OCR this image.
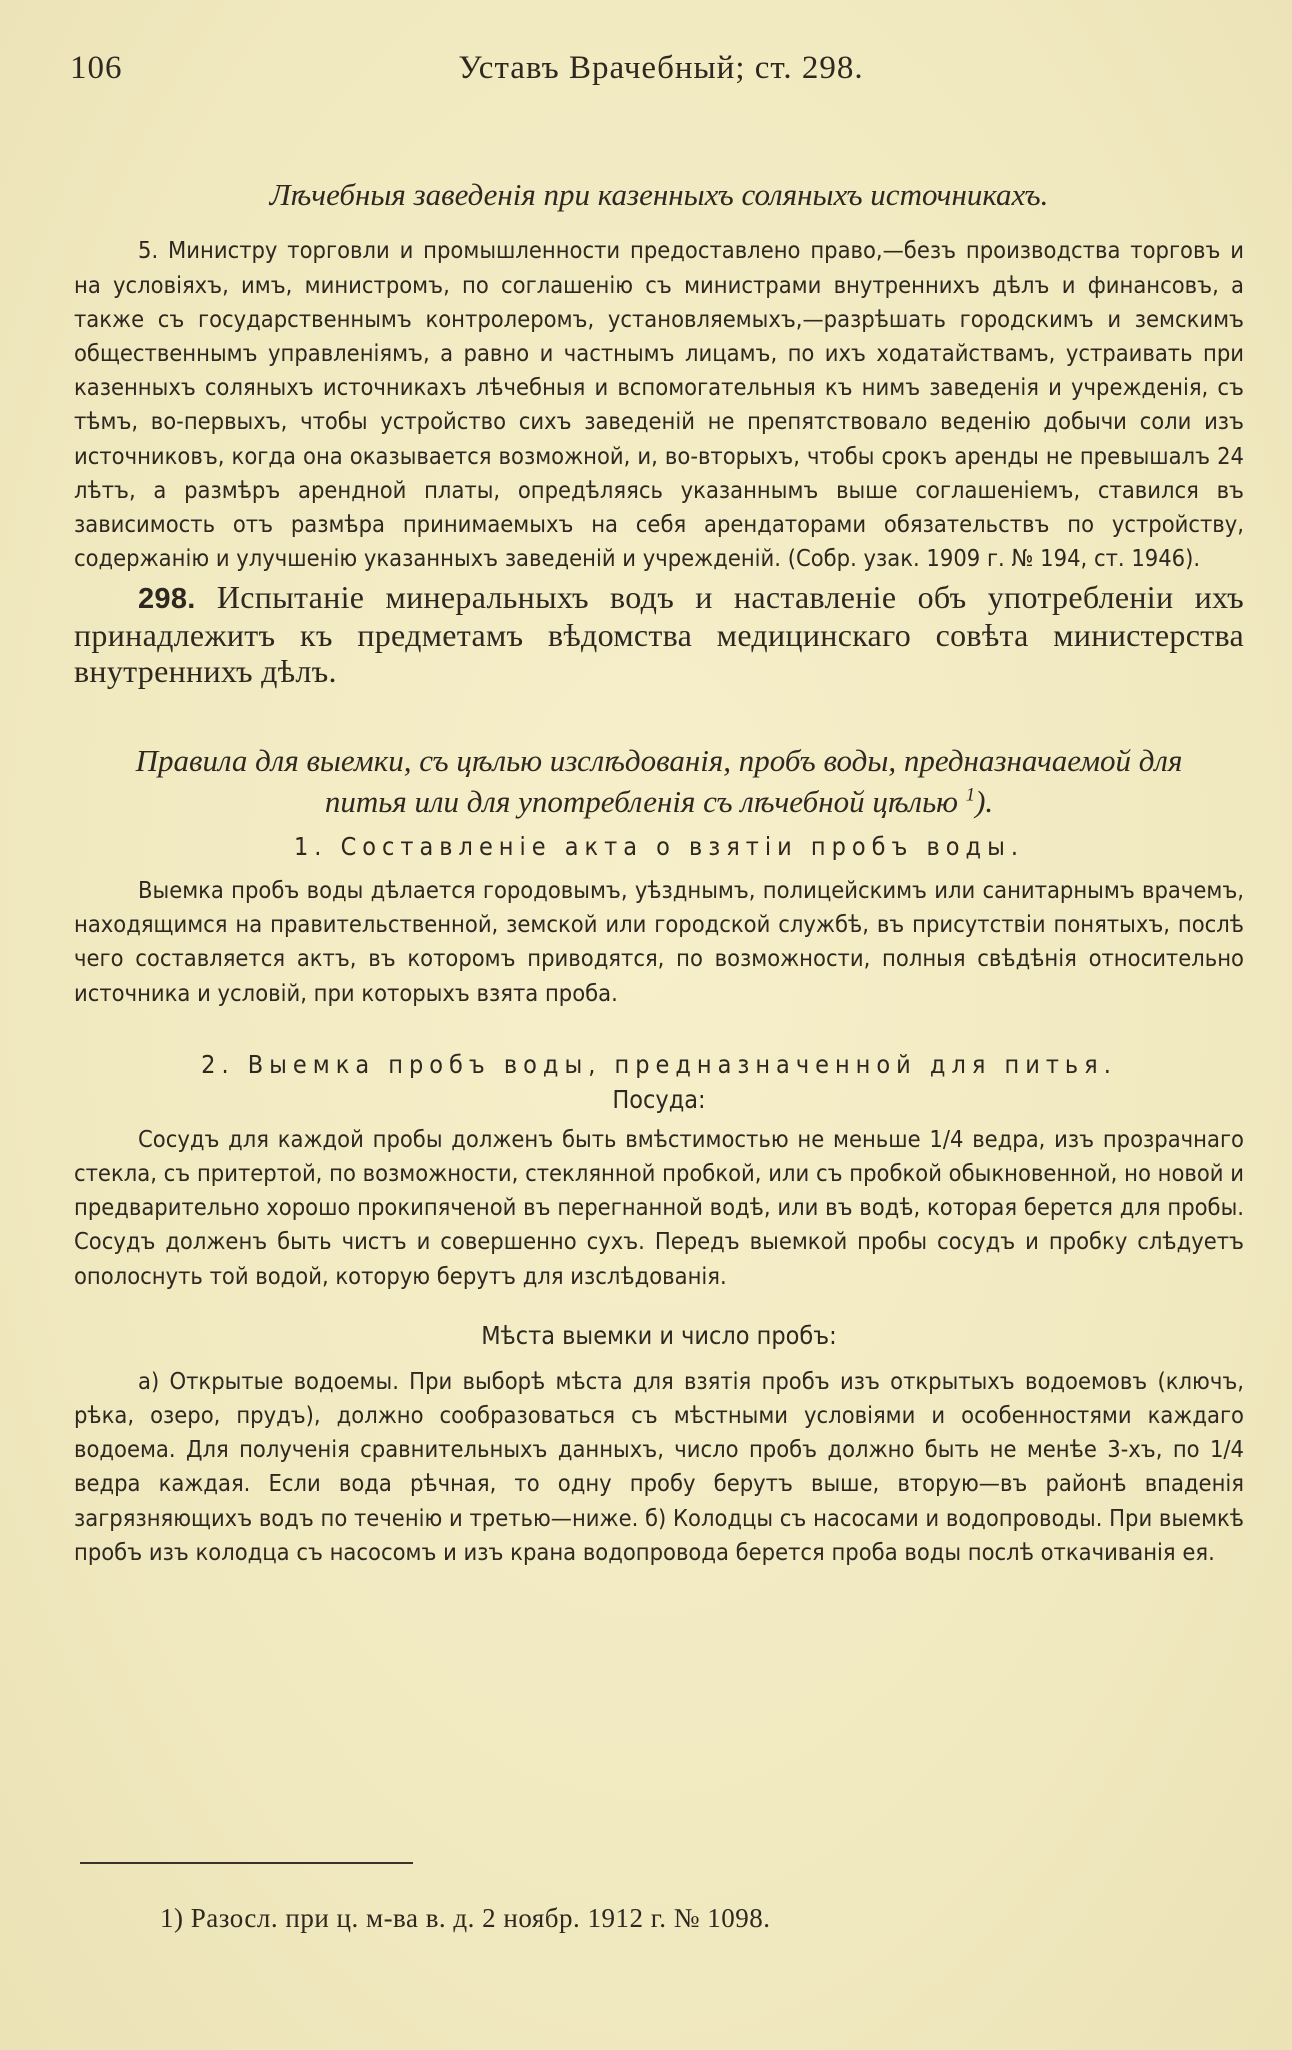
106	Уставъ Врачебный; ст. 298.
Лѣчебныя заведенія при казенныхъ соляныхъ источникахъ.

5. Министру торговли и промышленности предоставлено право,—безъ производства торговъ и на условіяхъ, имъ, министромъ, по соглашенію съ министрами внутреннихъ дѣлъ и финансовъ, а также съ государственнымъ контролеромъ, установляемыхъ,—разрѣшать городскимъ и земскимъ общественнымъ управленіямъ, а равно и частнымъ лицамъ, по ихъ ходатайствамъ, устраивать при казенныхъ соляныхъ источникахъ лѣчебныя и вспомогательныя къ нимъ заведенія и учрежденія, съ тѣмъ, во-первыхъ, чтобы устройство сихъ заведеній не препятствовало веденію добычи соли изъ источниковъ, когда она оказывается возможной, и, во-вторыхъ, чтобы срокъ аренды не превышалъ 24 лѣтъ, а размѣръ арендной платы, опредѣляясь указаннымъ выше соглашеніемъ, ставился въ зависимость отъ размѣра принимаемыхъ на себя арендаторами обязательствъ по устройству, содержанію и улучшенію указанныхъ заведеній и учрежденій. (Собр. узак. 1909 г. № 194, ст. 1946).

298. Испытаніе минеральныхъ водъ и наставленіе объ употребленіи ихъ принадлежитъ къ предметамъ вѣдомства медицинскаго совѣта министерства внутреннихъ дѣлъ.

Правила для выемки, съ цѣлью изслѣдованія, пробъ воды, предназначаемой для питья или для употребленія съ лѣчебной цѣлью $^1$).

1. Составленіе акта о взятіи пробъ воды.

Выемка пробъ воды дѣлается городовымъ, уѣзднымъ, полицейскимъ или санитарнымъ врачемъ, находящимся на правительственной, земской или городской службѣ, въ присутствіи понятыхъ, послѣ чего составляется актъ, въ которомъ приводятся, по возможности, полныя свѣдѣнія относительно источника и условій, при которыхъ взята проба.

2. Выемка пробъ воды, предназначенной для питья.

Посуда:

Сосудъ для каждой пробы долженъ быть вмѣстимостью не меньше 1/4 ведра, изъ прозрачнаго стекла, съ притертой, по возможности, стеклянной пробкой, или съ пробкой обыкновенной, но новой и предварительно хорошо прокипяченой въ перегнанной водѣ, или въ водѣ, которая берется для пробы. Сосудъ долженъ быть чистъ и совершенно сухъ. Передъ выемкой пробы сосудъ и пробку слѣдуетъ ополоснуть той водой, которую берутъ для изслѣдованія.

Мѣста выемки и число пробъ:

а) Открытые водоемы. При выборѣ мѣста для взятія пробъ изъ открытыхъ водоемовъ (ключъ, рѣка, озеро, прудъ), должно сообразоваться съ мѣстными условіями и особенностями каждаго водоема. Для полученія сравнительныхъ данныхъ, число пробъ должно быть не менѣе 3-хъ, по 1/4 ведра каждая. Если вода рѣчная, то одну пробу берутъ выше, вторую—въ районѣ впаденія загрязняющихъ водъ по теченію и третью—ниже. б) Колодцы съ насосами и водопроводы. При выемкѣ пробъ изъ колодца съ насосомъ и изъ крана водопровода берется проба воды послѣ откачиванія ея.

1) Разосл. при ц. м-ва в. д. 2 ноябр. 1912 г. № 1098.
